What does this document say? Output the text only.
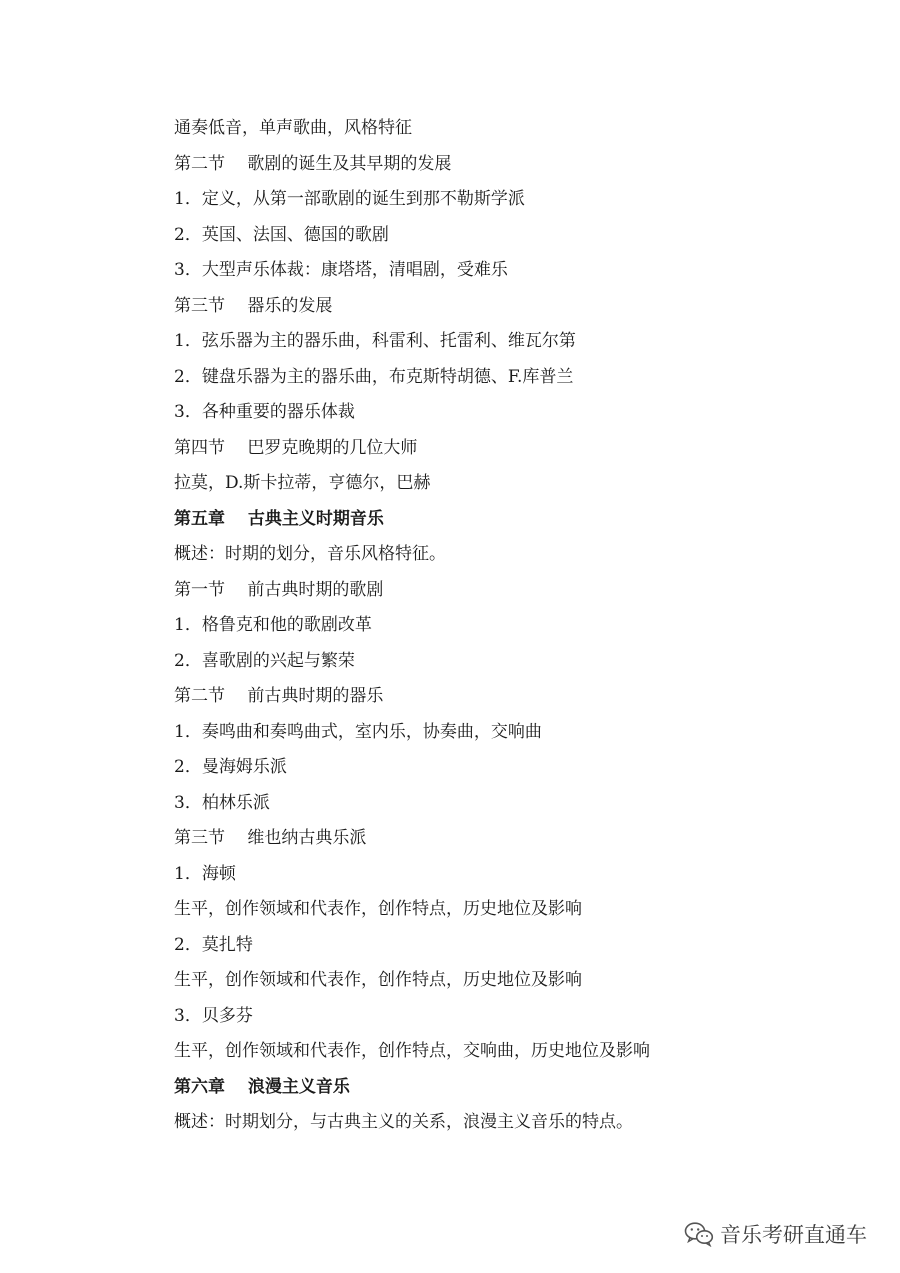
通奏低音，单声歌曲，风格特征
第二节　 歌剧的诞生及其早期的发展
1．定义，从第一部歌剧的诞生到那不勒斯学派
2．英国、法国、德国的歌剧
3．大型声乐体裁：康塔塔，清唱剧，受难乐
第三节　 器乐的发展
1．弦乐器为主的器乐曲，科雷利、托雷利、维瓦尔第
2．键盘乐器为主的器乐曲，布克斯特胡德、F.库普兰
3．各种重要的器乐体裁
第四节　 巴罗克晚期的几位大师
拉莫，D.斯卡拉蒂，亨德尔，巴赫
第五章　 古典主义时期音乐
概述：时期的划分，音乐风格特征。
第一节　 前古典时期的歌剧
1．格鲁克和他的歌剧改革
2．喜歌剧的兴起与繁荣
第二节　 前古典时期的器乐
1．奏鸣曲和奏鸣曲式，室内乐，协奏曲，交响曲
2．曼海姆乐派
3．柏林乐派
第三节　 维也纳古典乐派
1．海顿
生平，创作领域和代表作，创作特点，历史地位及影响
2．莫扎特
生平，创作领域和代表作，创作特点，历史地位及影响
3．贝多芬
生平，创作领域和代表作，创作特点，交响曲，历史地位及影响
第六章　 浪漫主义音乐
概述：时期划分，与古典主义的关系，浪漫主义音乐的特点。
音乐考研直通车
